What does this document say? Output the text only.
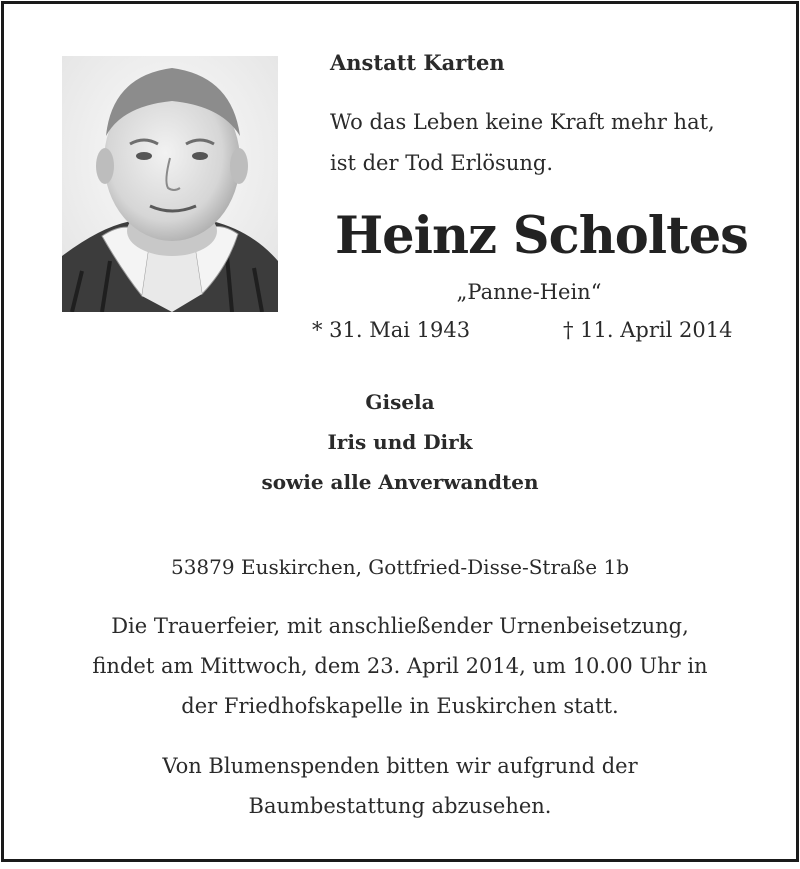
Anstatt Karten
Wo das Leben keine Kraft mehr hat,
ist der Tod Erlösung.
Heinz Scholtes
„Panne-Hein“
* 31. Mai 1943	† 11. April 2014
Gisela
Iris und Dirk
sowie alle Anverwandten
53879 Euskirchen, Gottfried-Disse-Straße 1b
Die Trauerfeier, mit anschließender Urnenbeisetzung,
findet am Mittwoch, dem 23. April 2014, um 10.00 Uhr in
der Friedhofskapelle in Euskirchen statt.
Von Blumenspenden bitten wir aufgrund der
Baumbestattung abzusehen.
